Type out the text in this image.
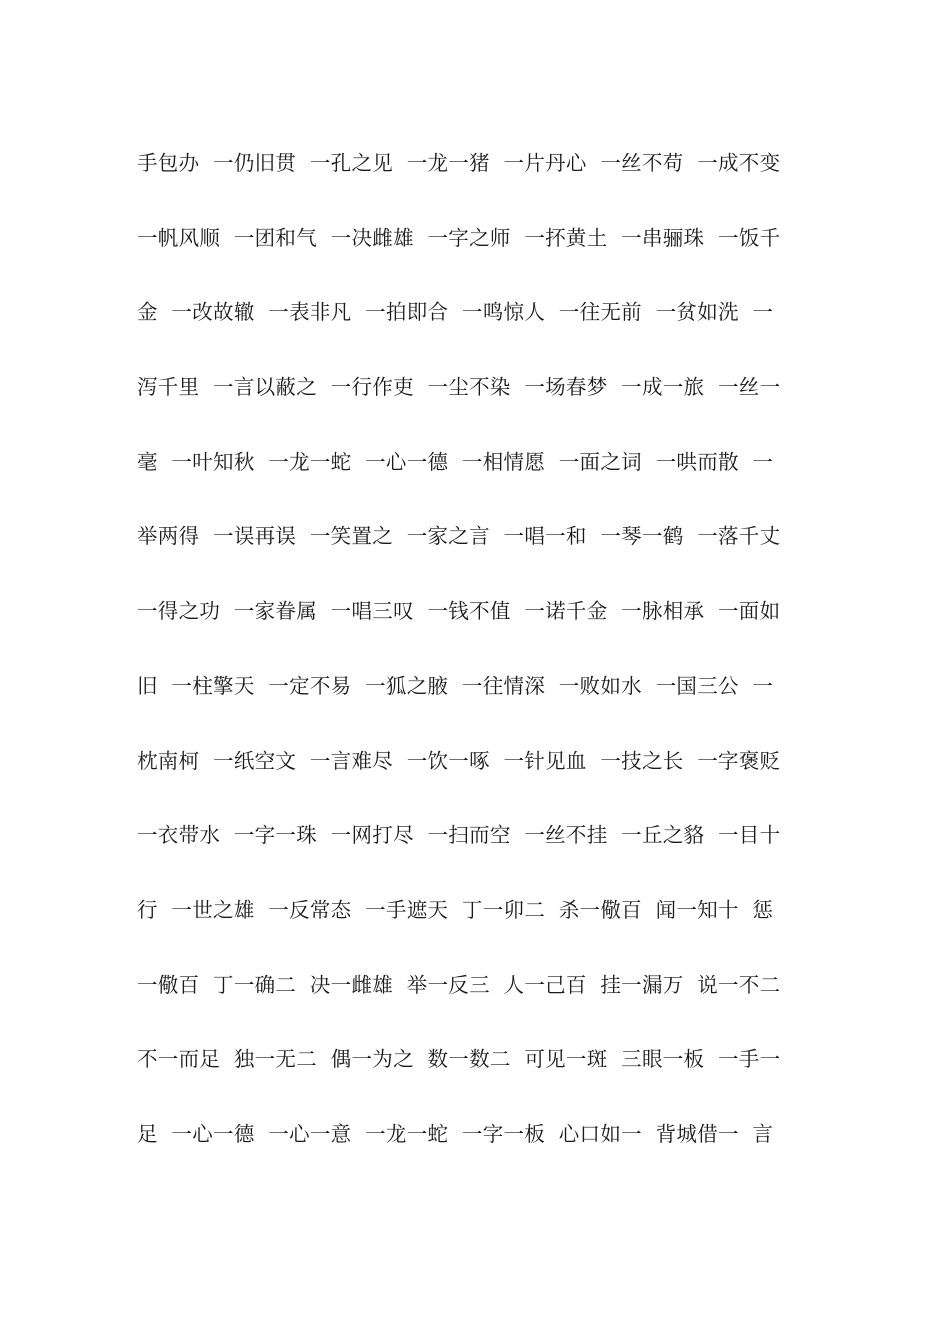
手包办  一仍旧贯  一孔之见  一龙一猪  一片丹心  一丝不苟  一成不变
一帆风顺  一团和气  一决雌雄  一字之师  一抔黄土  一串骊珠  一饭千
金  一改故辙  一表非凡  一拍即合  一鸣惊人  一往无前  一贫如洗  一
泻千里  一言以蔽之  一行作吏  一尘不染  一场春梦  一成一旅  一丝一
毫  一叶知秋  一龙一蛇  一心一德  一相情愿  一面之词  一哄而散  一
举两得  一误再误  一笑置之  一家之言  一唱一和  一琴一鹤  一落千丈
一得之功  一家眷属  一唱三叹  一钱不值  一诺千金  一脉相承  一面如
旧  一柱擎天  一定不易  一狐之腋  一往情深  一败如水  一国三公  一
枕南柯  一纸空文  一言难尽  一饮一啄  一针见血  一技之长  一字褒贬
一衣带水  一字一珠  一网打尽  一扫而空  一丝不挂  一丘之貉  一目十
行  一世之雄  一反常态  一手遮天  丁一卯二  杀一儆百  闻一知十  惩
一儆百  丁一确二  决一雌雄  举一反三  人一己百  挂一漏万  说一不二
不一而足  独一无二  偶一为之  数一数二  可见一斑  三眼一板  一手一
足  一心一德  一心一意  一龙一蛇  一字一板  心口如一  背城借一  言
